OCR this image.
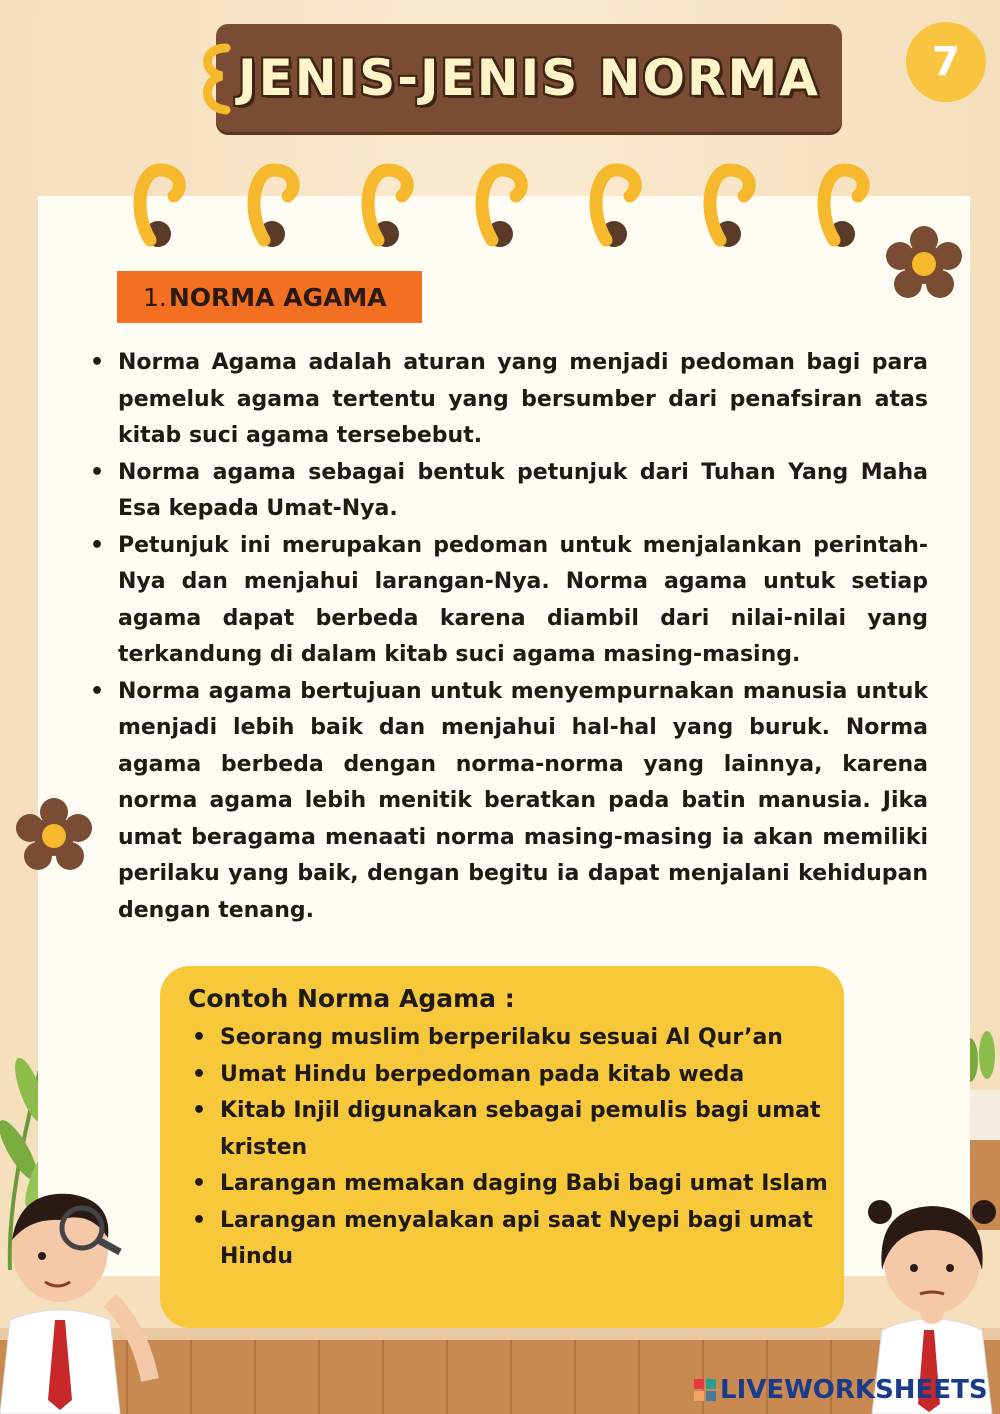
JENIS-JENIS NORMA	7
1. NORMA AGAMA
• Norma Agama adalah aturan yang menjadi pedoman bagi para pemeluk agama tertentu yang bersumber dari penafsiran atas kitab suci agama tersebebut.
• Norma agama sebagai bentuk petunjuk dari Tuhan Yang Maha Esa kepada Umat-Nya.
• Petunjuk ini merupakan pedoman untuk menjalankan perintah-Nya dan menjahui larangan-Nya. Norma agama untuk setiap agama dapat berbeda karena diambil dari nilai-nilai yang terkandung di dalam kitab suci agama masing-masing.
• Norma agama bertujuan untuk menyempurnakan manusia untuk menjadi lebih baik dan menjahui hal-hal yang buruk. Norma agama berbeda dengan norma-norma yang lainnya, karena norma agama lebih menitik beratkan pada batin manusia. Jika umat beragama menaati norma masing-masing ia akan memiliki perilaku yang baik, dengan begitu ia dapat menjalani kehidupan dengan tenang.
Contoh Norma Agama :
• Seorang muslim berperilaku sesuai Al Qur’an
• Umat Hindu berpedoman pada kitab weda
• Kitab Injil digunakan sebagai pemulis bagi umat kristen
• Larangan memakan daging Babi bagi umat Islam
• Larangan menyalakan api saat Nyepi bagi umat Hindu
LIVEWORKSHEETS
